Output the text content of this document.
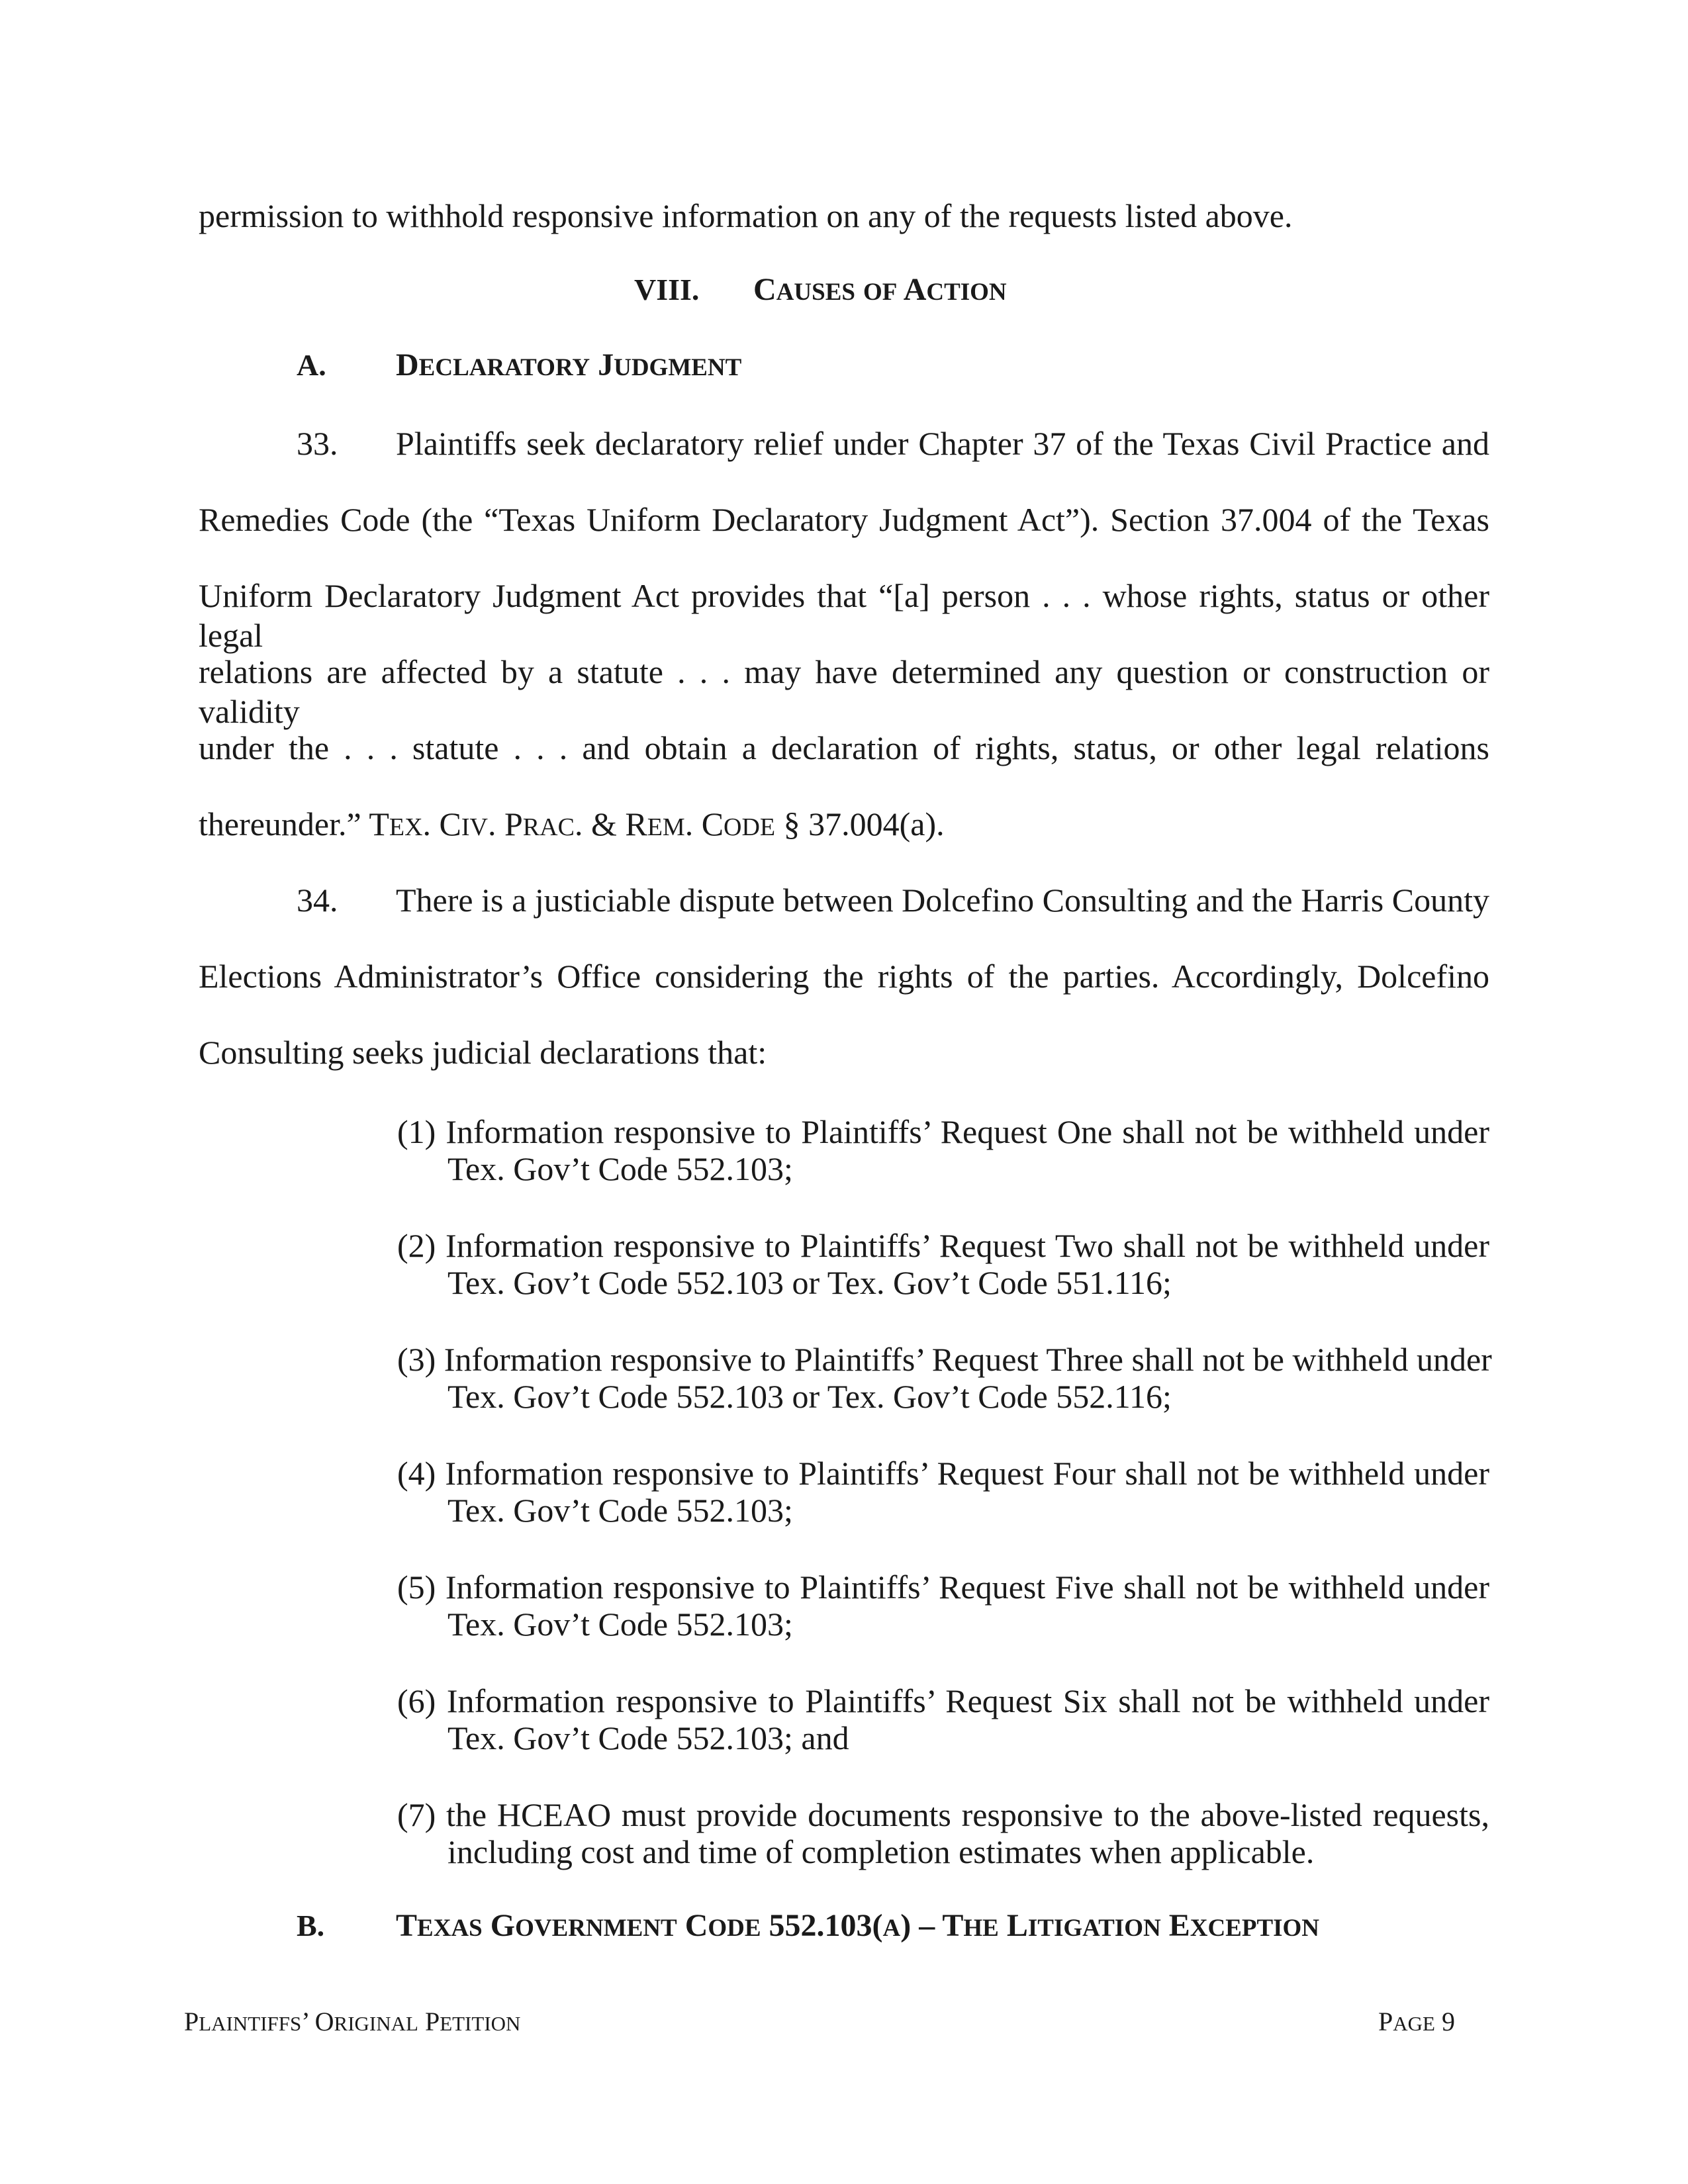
permission to withhold responsive information on any of the requests listed above.
VIII. CAUSES OF ACTION
A. DECLARATORY JUDGMENT
33.	Plaintiffs seek declaratory relief under Chapter 37 of the Texas Civil Practice and
Remedies Code (the “Texas Uniform Declaratory Judgment Act”). Section 37.004 of the Texas
Uniform Declaratory Judgment Act provides that “[a] person . . . whose rights, status or other legal
relations are affected by a statute . . . may have determined any question or construction or validity
under the . . . statute . . . and obtain a declaration of rights, status, or other legal relations
thereunder.” TEX. CIV. PRAC. & REM. CODE § 37.004(a).
34.	There is a justiciable dispute between Dolcefino Consulting and the Harris County
Elections Administrator’s Office considering the rights of the parties. Accordingly, Dolcefino
Consulting seeks judicial declarations that:
(1) Information responsive to Plaintiffs’ Request One shall not be withheld under
Tex. Gov’t Code 552.103;
(2) Information responsive to Plaintiffs’ Request Two shall not be withheld under
Tex. Gov’t Code 552.103 or Tex. Gov’t Code 551.116;
(3) Information responsive to Plaintiffs’ Request Three shall not be withheld under
Tex. Gov’t Code 552.103 or Tex. Gov’t Code 552.116;
(4) Information responsive to Plaintiffs’ Request Four shall not be withheld under
Tex. Gov’t Code 552.103;
(5) Information responsive to Plaintiffs’ Request Five shall not be withheld under
Tex. Gov’t Code 552.103;
(6) Information responsive to Plaintiffs’ Request Six shall not be withheld under
Tex. Gov’t Code 552.103; and
(7) the HCEAO must provide documents responsive to the above-listed requests,
including cost and time of completion estimates when applicable.
B. TEXAS GOVERNMENT CODE 552.103(A) – THE LITIGATION EXCEPTION
PLAINTIFFS’ ORIGINAL PETITION	PAGE 9
